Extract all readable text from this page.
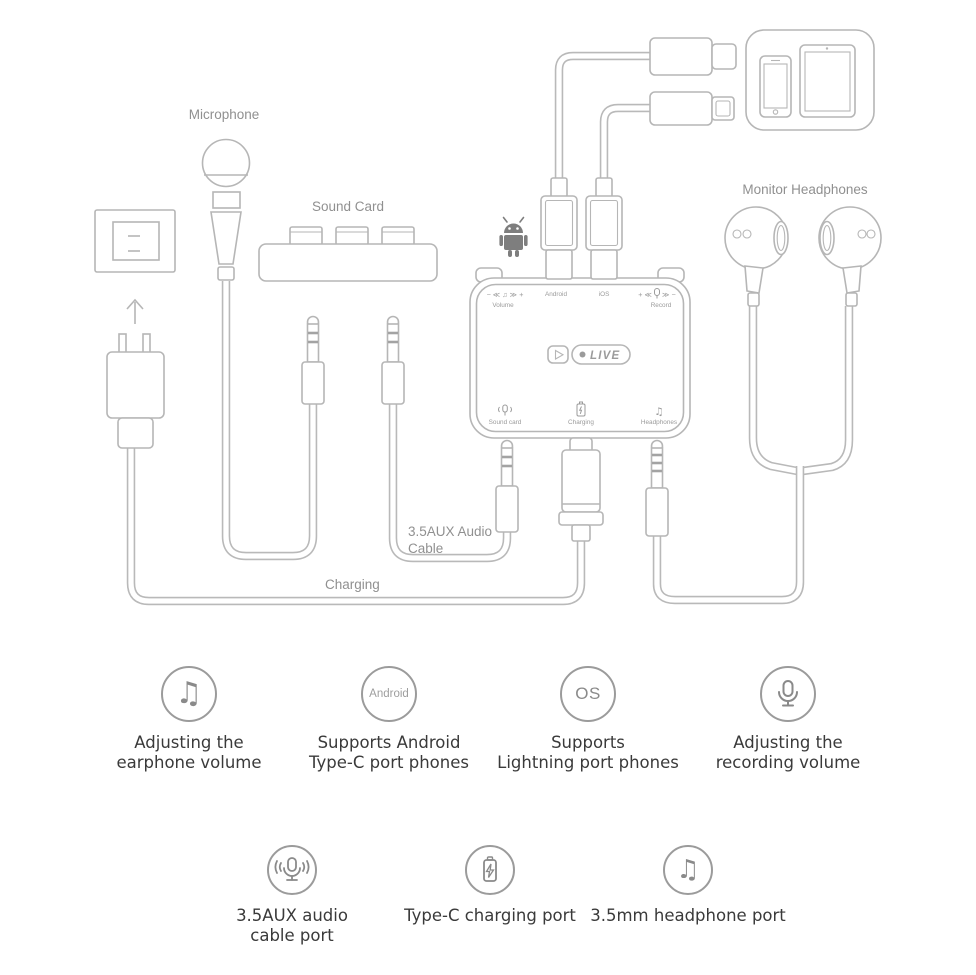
LIVE
− ≪ ♫ ≫ +
Volume
Android	iOS	+ ≪ ≫ −
Record
♫
Sound card	Charging	Headphones
Microphone
Sound Card
Monitor Headphones
3.5AUX Audio
Cable
Charging
♫
Adjusting the
earphone volume
Android
Supports Android
Type-C port phones
OS
Supports
Lightning port phones
Adjusting the
recording volume
3.5AUX audio
cable port
Type-C charging port
♫
3.5mm headphone port
